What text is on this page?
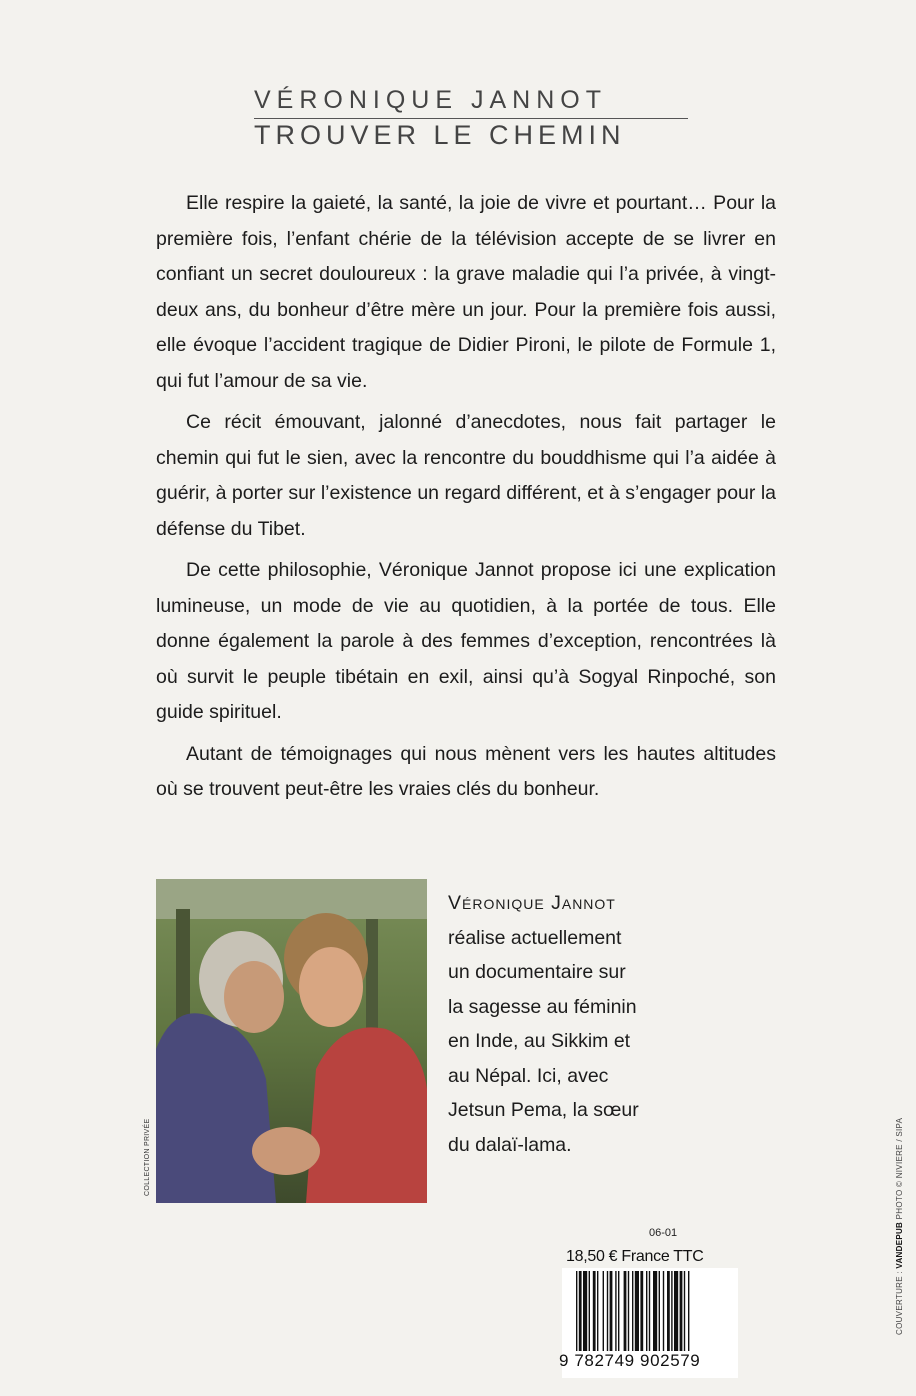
VÉRONIQUE JANNOT
TROUVER LE CHEMIN

Elle respire la gaieté, la santé, la joie de vivre et pourtant… Pour la première fois, l’enfant chérie de la télévision accepte de se livrer en confiant un secret douloureux : la grave maladie qui l’a privée, à vingt-deux ans, du bonheur d’être mère un jour. Pour la première fois aussi, elle évoque l’accident tragique de Didier Pironi, le pilote de Formule 1, qui fut l’amour de sa vie.

Ce récit émouvant, jalonné d’anecdotes, nous fait partager le chemin qui fut le sien, avec la rencontre du bouddhisme qui l’a aidée à guérir, à porter sur l’existence un regard différent, et à s’engager pour la défense du Tibet.

De cette philosophie, Véronique Jannot propose ici une explication lumineuse, un mode de vie au quotidien, à la portée de tous. Elle donne également la parole à des femmes d’exception, rencontrées là où survit le peuple tibétain en exil, ainsi qu’à Sogyal Rinpoché, son guide spirituel.

Autant de témoignages qui nous mènent vers les hautes altitudes où se trouvent peut-être les vraies clés du bonheur.

COLLECTION PRIVÉE
Véronique Jannot
réalise actuellement
un documentaire sur
la sagesse au féminin
en Inde, au Sikkim et
au Népal. Ici, avec
Jetsun Pema, la sœur
du dalaï-lama.
06-01
18,50 € France TTC
9 782749 902579
COUVERTURE : VANDEPUB PHOTO © NIVIERE / SIPA
